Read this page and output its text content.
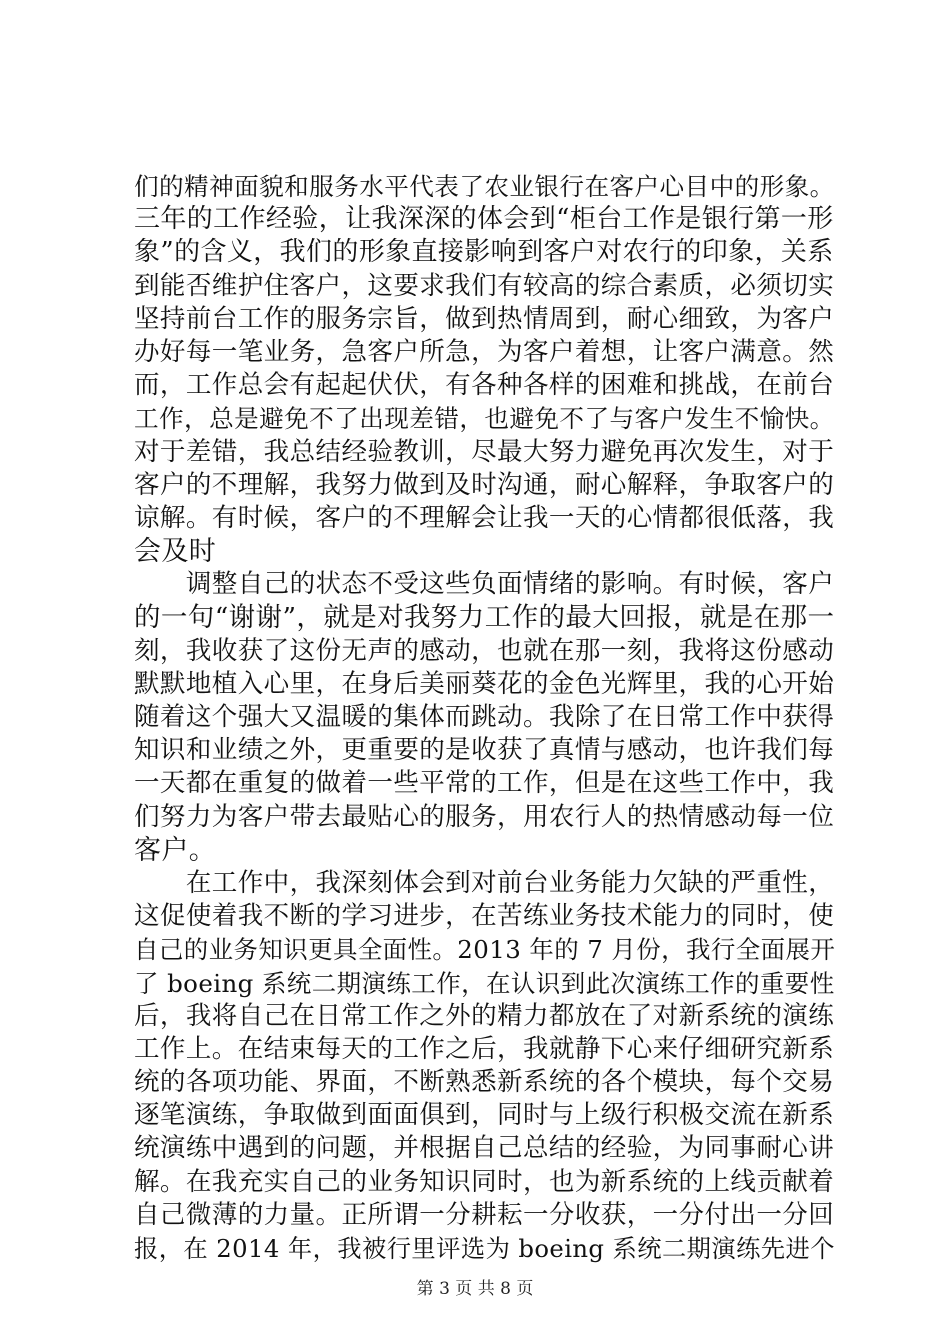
们的精神面貌和服务水平代表了农业银行在客户心目中的形象。
三年的工作经验，让我深深的体会到“柜台工作是银行第一形
象”的含义，我们的形象直接影响到客户对农行的印象，关系
到能否维护住客户，这要求我们有较高的综合素质，必须切实
坚持前台工作的服务宗旨，做到热情周到，耐心细致，为客户
办好每一笔业务，急客户所急，为客户着想，让客户满意。然
而，工作总会有起起伏伏，有各种各样的困难和挑战，在前台
工作，总是避免不了出现差错，也避免不了与客户发生不愉快。
对于差错，我总结经验教训，尽最大努力避免再次发生，对于
客户的不理解，我努力做到及时沟通，耐心解释，争取客户的
谅解。有时候，客户的不理解会让我一天的心情都很低落，我
会及时
　　调整自己的状态不受这些负面情绪的影响。有时候，客户
的一句“谢谢”，就是对我努力工作的最大回报，就是在那一
刻，我收获了这份无声的感动，也就在那一刻，我将这份感动
默默地植入心里，在身后美丽葵花的金色光辉里，我的心开始
随着这个强大又温暖的集体而跳动。我除了在日常工作中获得
知识和业绩之外，更重要的是收获了真情与感动，也许我们每
一天都在重复的做着一些平常的工作，但是在这些工作中，我
们努力为客户带去最贴心的服务，用农行人的热情感动每一位
客户。
　　在工作中，我深刻体会到对前台业务能力欠缺的严重性，
这促使着我不断的学习进步，在苦练业务技术能力的同时，使
自己的业务知识更具全面性。2013 年的 7 月份，我行全面展开
了 boeing 系统二期演练工作，在认识到此次演练工作的重要性
后，我将自己在日常工作之外的精力都放在了对新系统的演练
工作上。在结束每天的工作之后，我就静下心来仔细研究新系
统的各项功能、界面，不断熟悉新系统的各个模块，每个交易
逐笔演练，争取做到面面俱到，同时与上级行积极交流在新系
统演练中遇到的问题，并根据自己总结的经验，为同事耐心讲
解。在我充实自己的业务知识同时，也为新系统的上线贡献着
自己微薄的力量。正所谓一分耕耘一分收获，一分付出一分回
报，在 2014 年，我被行里评选为 boeing 系统二期演练先进个
第 3 页 共 8 页
